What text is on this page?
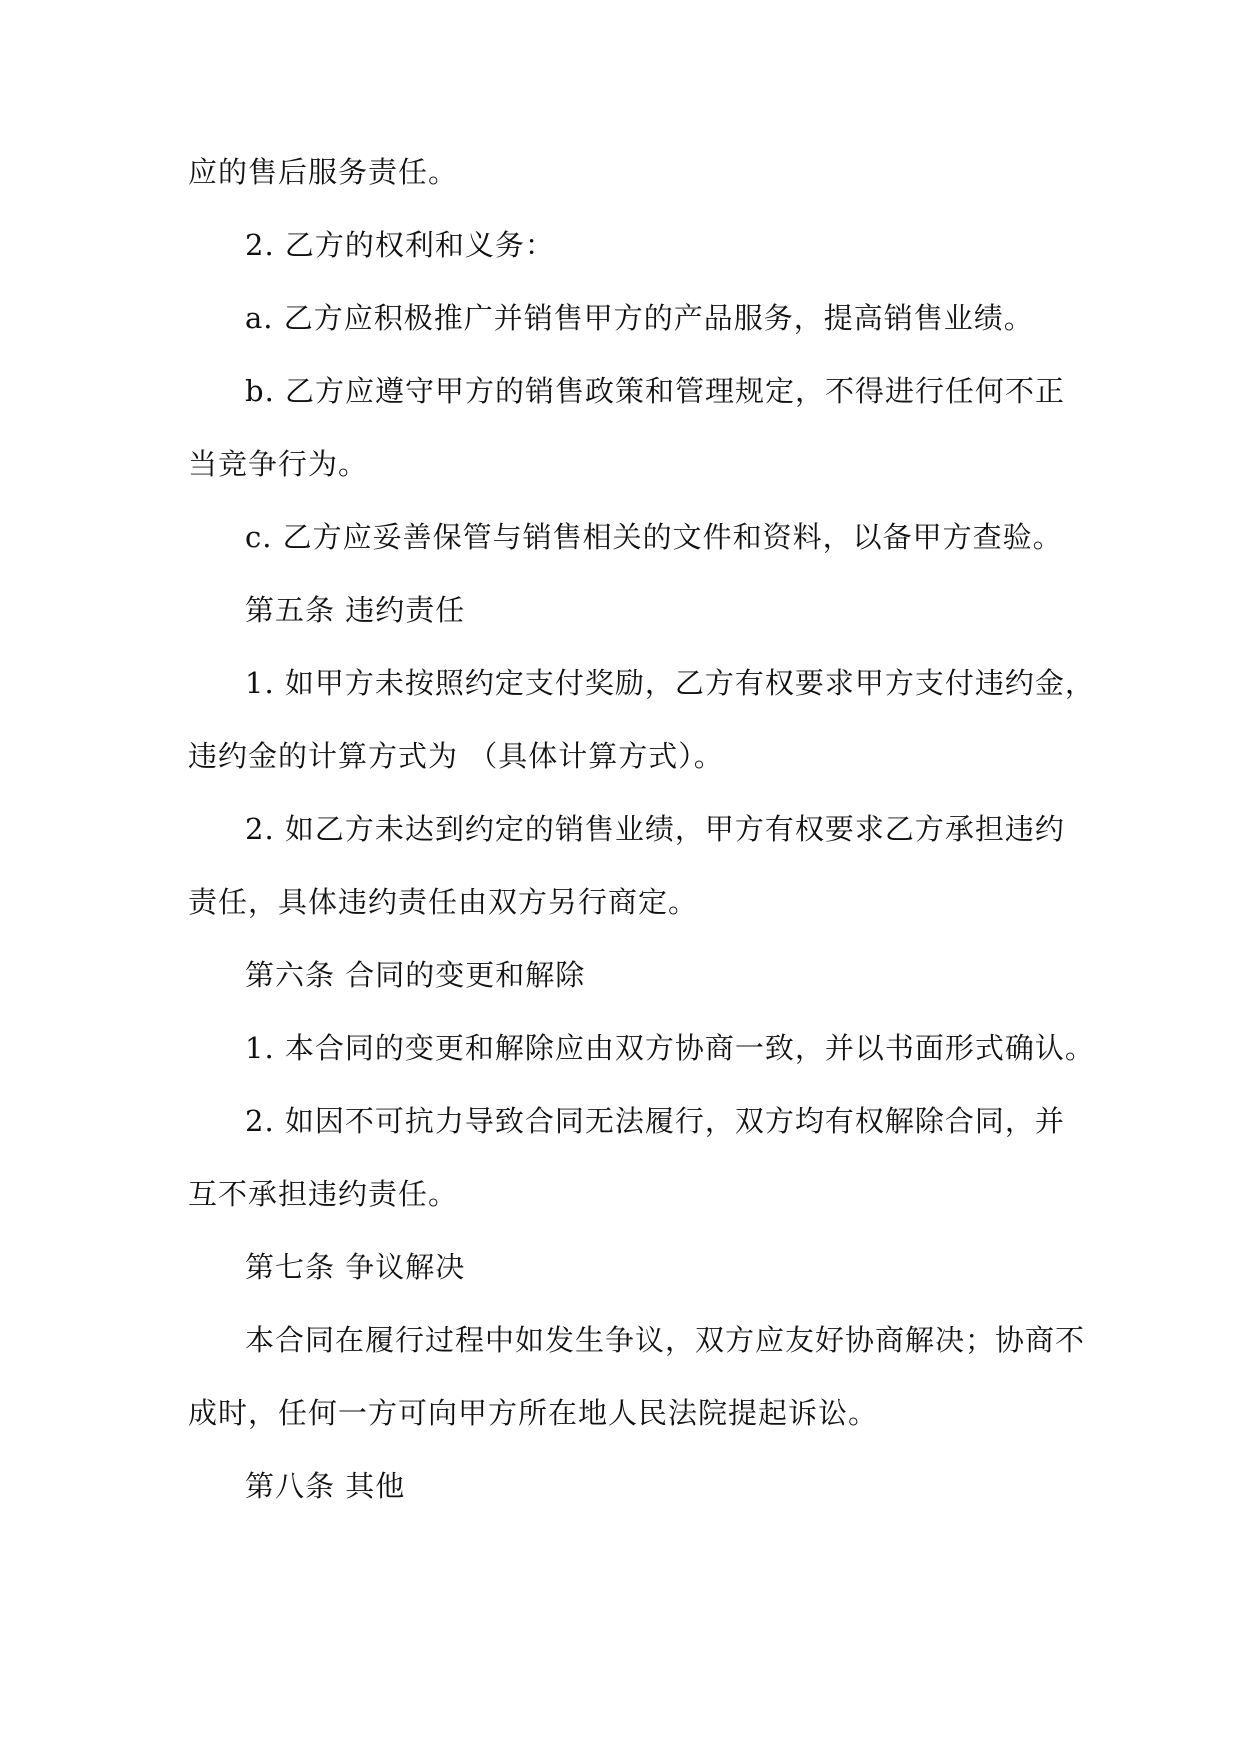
应的售后服务责任。
2. 乙方的权利和义务：
a. 乙方应积极推广并销售甲方的产品服务，提高销售业绩。
b. 乙方应遵守甲方的销售政策和管理规定，不得进行任何不正
当竞争行为。
c. 乙方应妥善保管与销售相关的文件和资料，以备甲方查验。
第五条 违约责任
1. 如甲方未按照约定支付奖励，乙方有权要求甲方支付违约金，
违约金的计算方式为 （具体计算方式）。
2. 如乙方未达到约定的销售业绩，甲方有权要求乙方承担违约
责任，具体违约责任由双方另行商定。
第六条 合同的变更和解除
1. 本合同的变更和解除应由双方协商一致，并以书面形式确认。
2. 如因不可抗力导致合同无法履行，双方均有权解除合同，并
互不承担违约责任。
第七条 争议解决
本合同在履行过程中如发生争议，双方应友好协商解决；协商不
成时，任何一方可向甲方所在地人民法院提起诉讼。
第八条 其他
